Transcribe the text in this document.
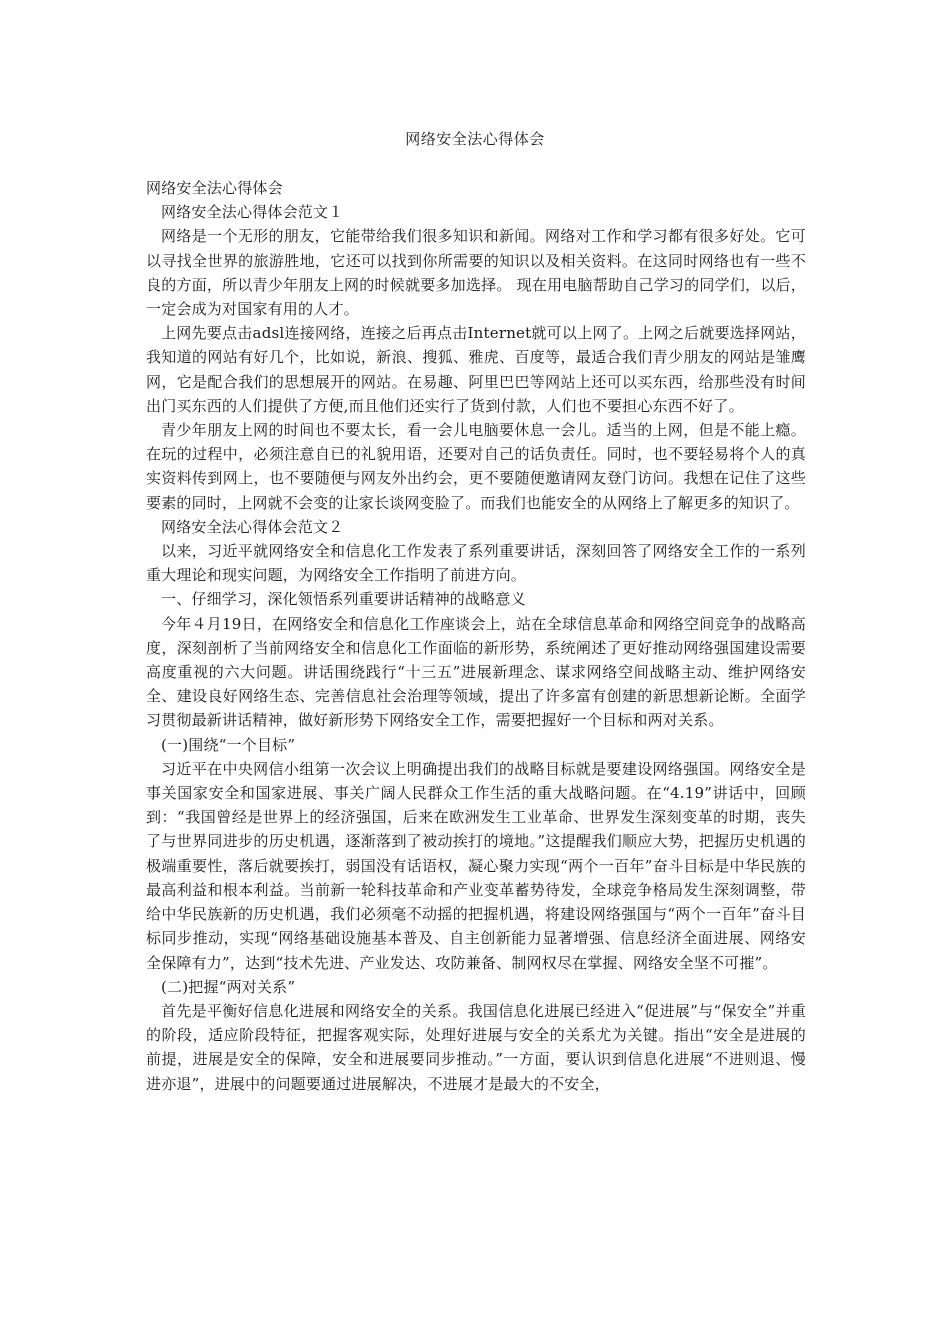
网络安全法心得体会

网络安全法心得体会

网络安全法心得体会范文１

网络是一个无形的朋友，它能带给我们很多知识和新闻。网络对工作和学习都有很多好处。它可以寻找全世界的旅游胜地，它还可以找到你所需要的知识以及相关资料。在这同时网络也有一些不良的方面，所以青少年朋友上网的时候就要多加选择。 现在用电脑帮助自己学习的同学们，以后，一定会成为对国家有用的人才。

上网先要点击adsl连接网络，连接之后再点击Internet就可以上网了。上网之后就要选择网站，我知道的网站有好几个，比如说，新浪、搜狐、雅虎、百度等，最适合我们青少朋友的网站是雏鹰网，它是配合我们的思想展开的网站。在易趣、阿里巴巴等网站上还可以买东西，给那些没有时间出门买东西的人们提供了方便,而且他们还实行了货到付款，人们也不要担心东西不好了。

青少年朋友上网的时间也不要太长，看一会儿电脑要休息一会儿。适当的上网，但是不能上瘾。在玩的过程中，必须注意自已的礼貌用语，还要对自己的话负责任。同时，也不要轻易将个人的真实资料传到网上，也不要随便与网友外出约会，更不要随便邀请网友登门访问。我想在记住了这些要素的同时，上网就不会变的让家长谈网变脸了。而我们也能安全的从网络上了解更多的知识了。

网络安全法心得体会范文２

以来，习近平就网络安全和信息化工作发表了系列重要讲话，深刻回答了网络安全工作的一系列重大理论和现实问题，为网络安全工作指明了前进方向。

一、仔细学习，深化领悟系列重要讲话精神的战略意义

今年４月19日，在网络安全和信息化工作座谈会上，站在全球信息革命和网络空间竞争的战略高度，深刻剖析了当前网络安全和信息化工作面临的新形势，系统阐述了更好推动网络强国建设需要高度重视的六大问题。讲话围绕践行“十三五”进展新理念、谋求网络空间战略主动、维护网络安全、建设良好网络生态、完善信息社会治理等领域，提出了许多富有创建的新思想新论断。全面学习贯彻最新讲话精神，做好新形势下网络安全工作，需要把握好一个目标和两对关系。

(一)围绕“一个目标”

习近平在中央网信小组第一次会议上明确提出我们的战略目标就是要建设网络强国。网络安全是事关国家安全和国家进展、事关广阔人民群众工作生活的重大战略问题。在“4.19”讲话中，回顾到：“我国曾经是世界上的经济强国，后来在欧洲发生工业革命、世界发生深刻变革的时期，丧失了与世界同进步的历史机遇，逐渐落到了被动挨打的境地。”这提醒我们顺应大势，把握历史机遇的极端重要性，落后就要挨打，弱国没有话语权，凝心聚力实现“两个一百年”奋斗目标是中华民族的最高利益和根本利益。当前新一轮科技革命和产业变革蓄势待发，全球竞争格局发生深刻调整，带给中华民族新的历史机遇，我们必须毫不动摇的把握机遇，将建设网络强国与“两个一百年”奋斗目标同步推动，实现“网络基础设施基本普及、自主创新能力显著增强、信息经济全面进展、网络安全保障有力”，达到“技术先进、产业发达、攻防兼备、制网权尽在掌握、网络安全坚不可摧”。

(二)把握“两对关系”

首先是平衡好信息化进展和网络安全的关系。我国信息化进展已经进入“促进展”与“保安全”并重的阶段，适应阶段特征，把握客观实际，处理好进展与安全的关系尤为关键。指出“安全是进展的前提，进展是安全的保障，安全和进展要同步推动。”一方面，要认识到信息化进展“不进则退、慢进亦退”，进展中的问题要通过进展解决，不进展才是最大的不安全，
